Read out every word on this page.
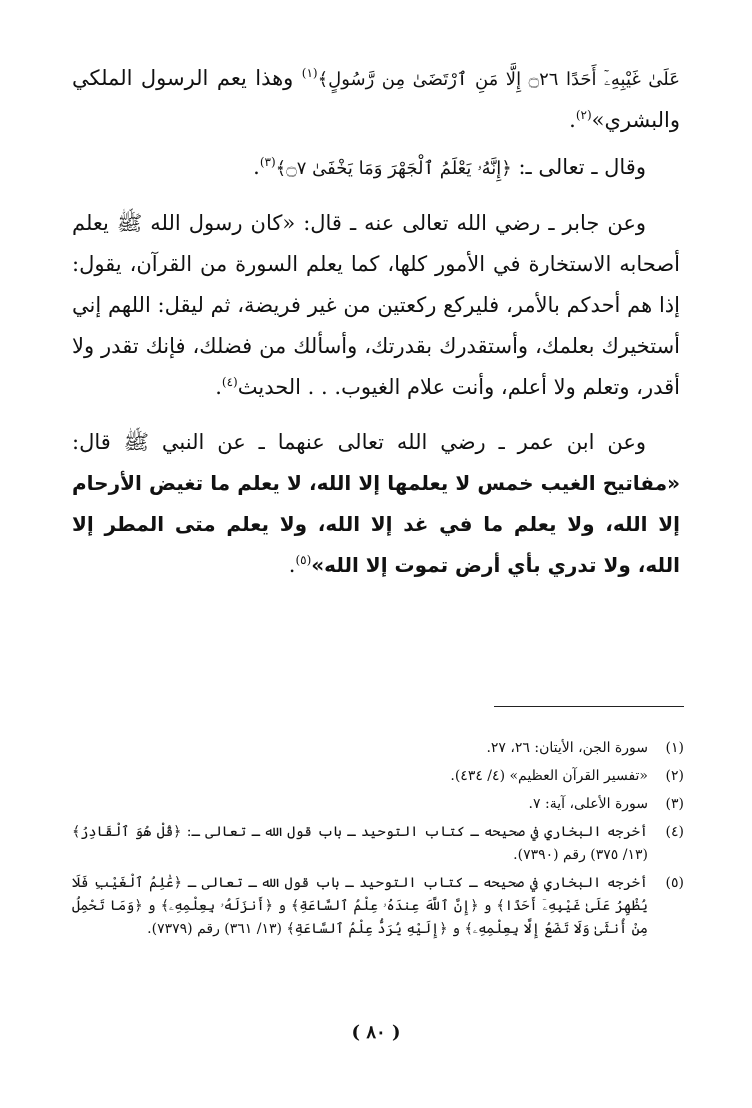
عَلَىٰ غَيْبِهِۦٓ أَحَدًا ۝٢٦ إِلَّا مَنِ ٱرْتَضَىٰ مِن رَّسُولٍ﴾$^{(١)}$ وهذا يعم الرسول الملكي والبشري»$^{(٢)}$.

وقال ـ تعالى ـ: ﴿إِنَّهُۥ يَعْلَمُ ٱلْجَهْرَ وَمَا يَخْفَىٰ ۝٧﴾$^{(٣)}$.

وعن جابر ـ رضي الله تعالى عنه ـ قال: «كان رسول الله ﷺ يعلم أصحابه الاستخارة في الأمور كلها، كما يعلم السورة من القرآن، يقول: إذا هم أحدكم بالأمر، فليركع ركعتين من غير فريضة، ثم ليقل: اللهم إني أستخيرك بعلمك، وأستقدرك بقدرتك، وأسألك من فضلك، فإنك تقدر ولا أقدر، وتعلم ولا أعلم، وأنت علام الغيوب. . . الحديث$^{(٤)}$.

وعن ابن عمر ـ رضي الله تعالى عنهما ـ عن النبي ﷺ قال: «مفاتيح الغيب خمس لا يعلمها إلا الله، لا يعلم ما تغيض الأرحام إلا الله، ولا يعلم ما في غد إلا الله، ولا يعلم متى المطر إلا الله، ولا تدري بأي أرض تموت إلا الله»$^{(٥)}$.

(١)
سورة الجن، الأيتان: ٢٦، ٢٧.
(٢)
«تفسير القرآن العظيم» (٤/ ٤٣٤).
(٣)
سورة الأعلى، آية: ٧.
(٤)
أخرجه البخاري في صحيحه ـ كتاب التوحيد ـ باب قول الله ـ تعالى ـ: ﴿قُلْ هُوَ ٱلْقَادِرُ﴾ (١٣/ ٣٧٥) رقم (٧٣٩٠).
(٥)
أخرجه البخاري في صحيحه ـ كتاب التوحيد ـ باب قول الله ـ تعالى ـ ﴿عَٰلِمُ ٱلْغَيْبِ فَلَا يُظْهِرُ عَلَىٰ غَيْبِهِۦٓ أَحَدًا﴾ و ﴿إِنَّ ٱللَّهَ عِندَهُۥ عِلْمُ ٱلسَّاعَةِ﴾ و ﴿أَنزَلَهُۥ بِعِلْمِهِۦ﴾ و ﴿وَمَا تَحْمِلُ مِنْ أُنثَىٰ وَلَا تَضَعُ إِلَّا بِعِلْمِهِۦ﴾ و ﴿إِلَيْهِ يُرَدُّ عِلْمُ ٱلسَّاعَةِ﴾ (١٣/ ٣٦١) رقم (٧٣٧٩).
( ٨٠ )
